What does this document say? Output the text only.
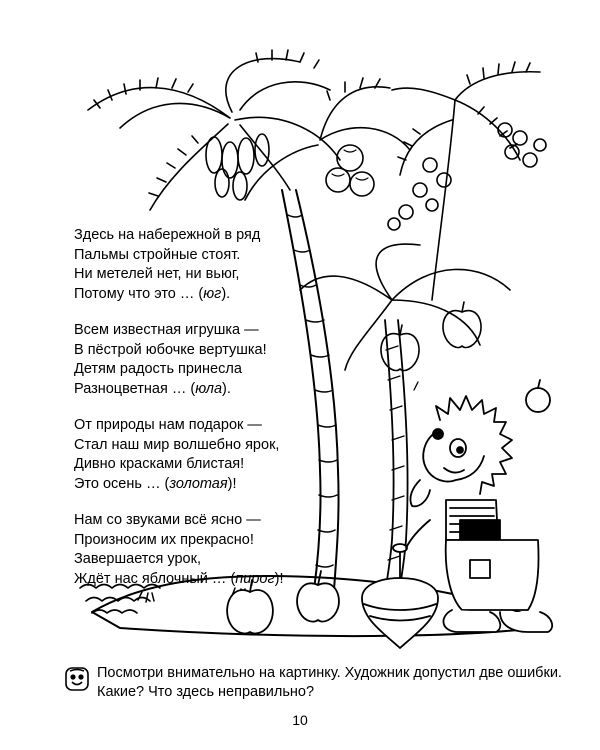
Здесь на набережной в ряд
Пальмы стройные стоят.
Ни метелей нет, ни вьюг,
Потому что это … (юг).
Всем известная игрушка —
В пёстрой юбочке вертушка!
Детям радость принесла
Разноцветная … (юла).
От природы нам подарок —
Стал наш мир волшебно ярок,
Дивно красками блистая!
Это осень … (золотая)!
Нам со звуками всё ясно —
Произносим их прекрасно!
Завершается урок,
Ждёт нас яблочный … (пирог)!
Посмотри внимательно на картинку. Художник допустил две ошибки.
Какие? Что здесь неправильно?
10
